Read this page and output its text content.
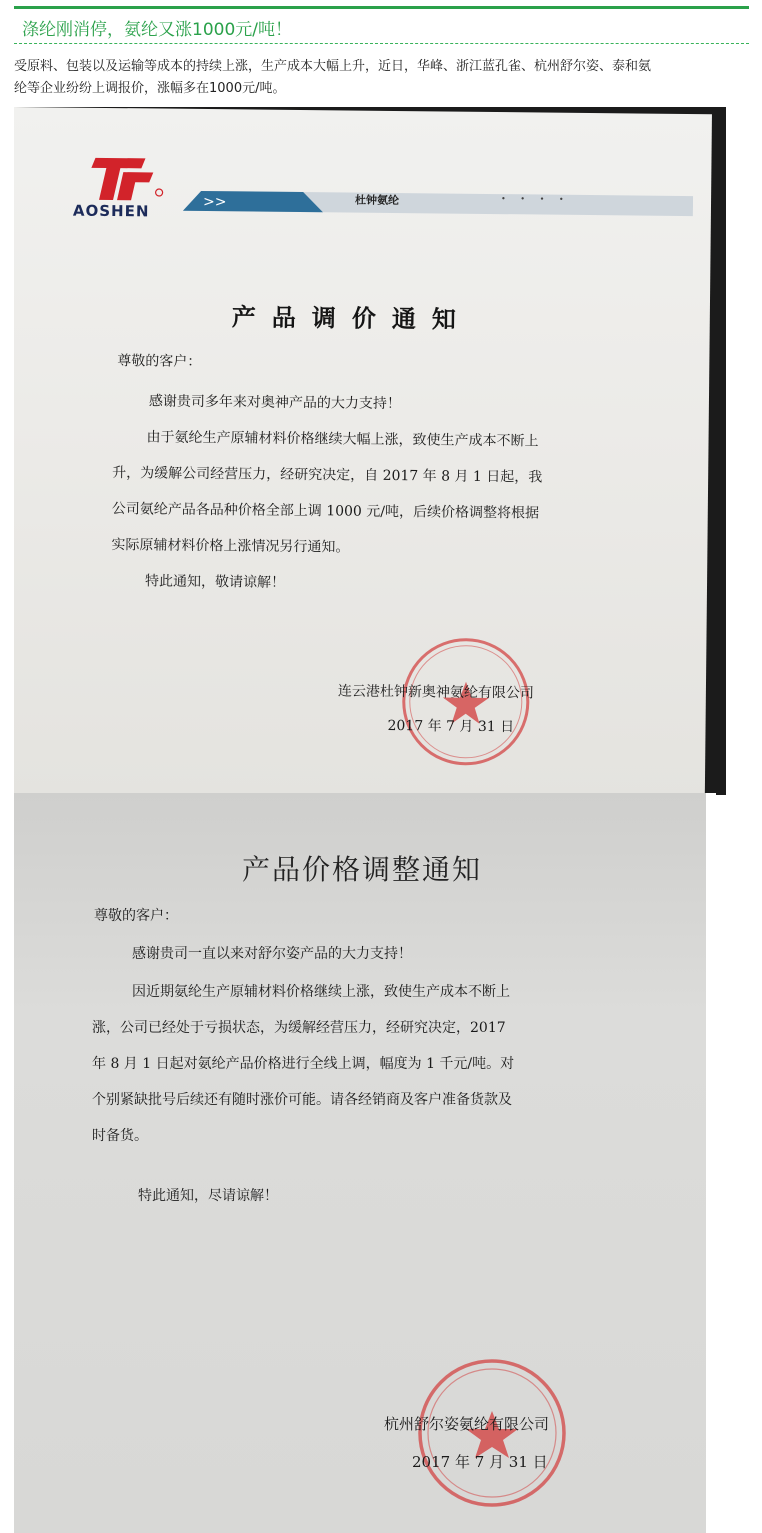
涤纶刚消停，氨纶又涨1000元/吨！
受原料、包装以及运输等成本的持续上涨，生产成本大幅上升，近日，华峰、浙江蓝孔雀、杭州舒尔姿、泰和氨
纶等企业纷纷上调报价，涨幅多在1000元/吨。
AOSHEN	>>	杜钟氨纶	• • • •
产品调价通知
尊敬的客户：
感谢贵司多年来对奥神产品的大力支持！
由于氨纶生产原辅材料价格继续大幅上涨，致使生产成本不断上
升，为缓解公司经营压力，经研究决定，自 2017 年 8 月 1 日起，我
公司氨纶产品各品种价格全部上调 1000 元/吨，后续价格调整将根据
实际原辅材料价格上涨情况另行通知。
特此通知，敬请谅解！
连云港杜钟新奥神氨纶有限公司
2017 年 7 月 31 日
产品价格调整通知
尊敬的客户：
感谢贵司一直以来对舒尔姿产品的大力支持！
因近期氨纶生产原辅材料价格继续上涨，致使生产成本不断上
涨，公司已经处于亏损状态，为缓解经营压力，经研究决定，2017
年 8 月 1 日起对氨纶产品价格进行全线上调，幅度为 1 千元/吨。对
个别紧缺批号后续还有随时涨价可能。请各经销商及客户准备货款及
时备货。
特此通知，尽请谅解！
杭州舒尔姿氨纶有限公司
2017 年 7 月 31 日
